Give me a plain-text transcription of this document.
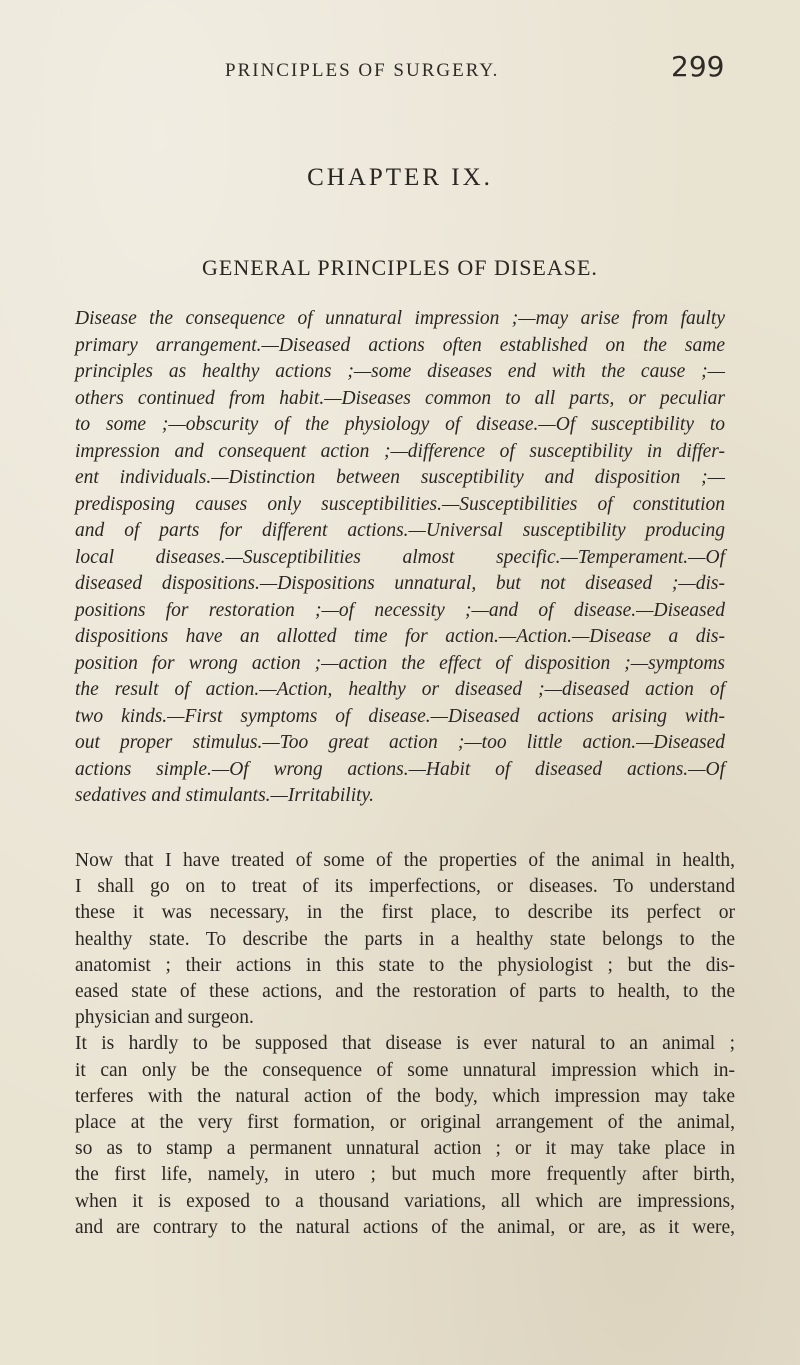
PRINCIPLES OF SURGERY.	299
CHAPTER IX.
GENERAL PRINCIPLES OF DISEASE.
Disease the consequence of unnatural impression ;—may arise from faulty
primary arrangement.—Diseased actions often established on the same
principles as healthy actions ;—some diseases end with the cause ;—
others continued from habit.—Diseases common to all parts, or peculiar
to some ;—obscurity of the physiology of disease.—Of susceptibility to
impression and consequent action ;—difference of susceptibility in differ-
ent individuals.—Distinction between susceptibility and disposition ;—
predisposing causes only susceptibilities.—Susceptibilities of constitution
and of parts for different actions.—Universal susceptibility producing
local diseases.—Susceptibilities almost specific.—Temperament.—Of
diseased dispositions.—Dispositions unnatural, but not diseased ;—dis-
positions for restoration ;—of necessity ;—and of disease.—Diseased
dispositions have an allotted time for action.—Action.—Disease a dis-
position for wrong action ;—action the effect of disposition ;—symptoms
the result of action.—Action, healthy or diseased ;—diseased action of
two kinds.—First symptoms of disease.—Diseased actions arising with-
out proper stimulus.—Too great action ;—too little action.—Diseased
actions simple.—Of wrong actions.—Habit of diseased actions.—Of
sedatives and stimulants.—Irritability.
Now that I have treated of some of the properties of the animal in health,
I shall go on to treat of its imperfections, or diseases. To understand
these it was necessary, in the first place, to describe its perfect or
healthy state. To describe the parts in a healthy state belongs to the
anatomist ; their actions in this state to the physiologist ; but the dis-
eased state of these actions, and the restoration of parts to health, to the
physician and surgeon.
It is hardly to be supposed that disease is ever natural to an animal ;
it can only be the consequence of some unnatural impression which in-
terferes with the natural action of the body, which impression may take
place at the very first formation, or original arrangement of the animal,
so as to stamp a permanent unnatural action ; or it may take place in
the first life, namely, in utero ; but much more frequently after birth,
when it is exposed to a thousand variations, all which are impressions,
and are contrary to the natural actions of the animal, or are, as it were,
